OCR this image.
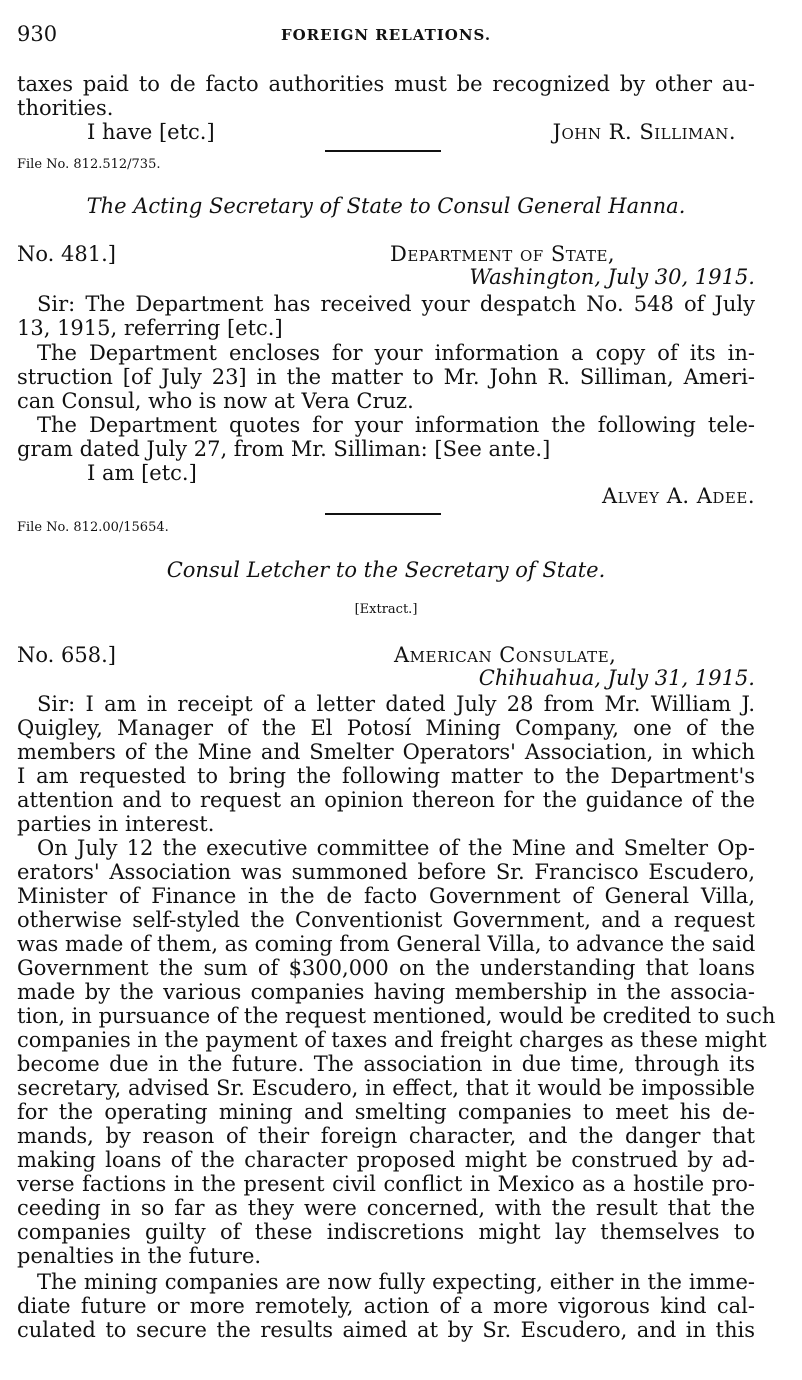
930	FOREIGN RELATIONS.
taxes paid to de facto authorities must be recognized by other au-
thorities.
I have [etc.]	John R. Silliman.
File No. 812.512/735.
The Acting Secretary of State to Consul General Hanna.
No. 481.]	Department of State,
Washington, July 30, 1915.
Sir: The Department has received your despatch No. 548 of July
13, 1915, referring [etc.]
The Department encloses for your information a copy of its in-
struction [of July 23] in the matter to Mr. John R. Silliman, Ameri-
can Consul, who is now at Vera Cruz.
The Department quotes for your information the following tele-
gram dated July 27, from Mr. Silliman: [See ante.]
I am [etc.]
Alvey A. Adee.
File No. 812.00/15654.
Consul Letcher to the Secretary of State.
[Extract.]
No. 658.]	American Consulate,
Chihuahua, July 31, 1915.
Sir: I am in receipt of a letter dated July 28 from Mr. William J.
Quigley, Manager of the El Potosí Mining Company, one of the
members of the Mine and Smelter Operators' Association, in which
I am requested to bring the following matter to the Department's
attention and to request an opinion thereon for the guidance of the
parties in interest.
On July 12 the executive committee of the Mine and Smelter Op-
erators' Association was summoned before Sr. Francisco Escudero,
Minister of Finance in the de facto Government of General Villa,
otherwise self-styled the Conventionist Government, and a request
was made of them, as coming from General Villa, to advance the said
Government the sum of $300,000 on the understanding that loans
made by the various companies having membership in the associa-
tion, in pursuance of the request mentioned, would be credited to such
companies in the payment of taxes and freight charges as these might
become due in the future. The association in due time, through its
secretary, advised Sr. Escudero, in effect, that it would be impossible
for the operating mining and smelting companies to meet his de-
mands, by reason of their foreign character, and the danger that
making loans of the character proposed might be construed by ad-
verse factions in the present civil conflict in Mexico as a hostile pro-
ceeding in so far as they were concerned, with the result that the
companies guilty of these indiscretions might lay themselves to
penalties in the future.
The mining companies are now fully expecting, either in the imme-
diate future or more remotely, action of a more vigorous kind cal-
culated to secure the results aimed at by Sr. Escudero, and in this
